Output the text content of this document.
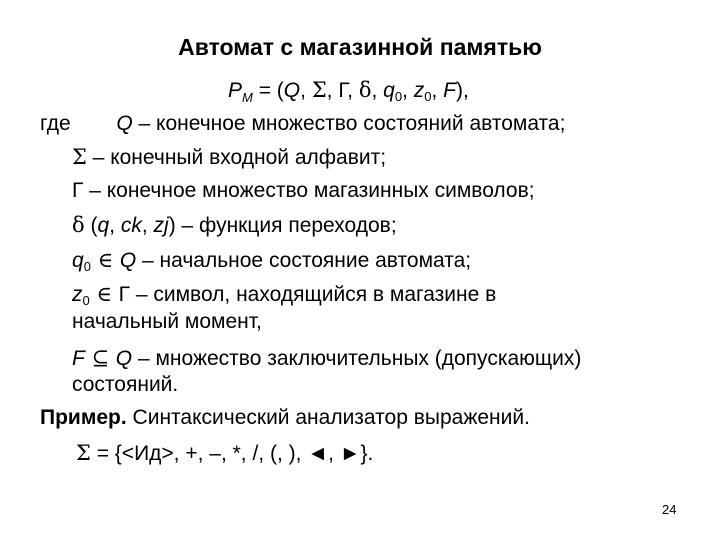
Автомат с магазинной памятью
$P_M = (Q$, Σ, Г, δ, $q_0$, $z_0$, F),
где Q – конечное множество состояний автомата;
Σ – конечный входной алфавит;
Г – конечное множество магазинных символов;
δ (q, ck, zj) – функция переходов;
$q_0$ ∈ Q – начальное состояние автомата;
$z_0$ ∈ Г – символ, находящийся в магазине в
начальный момент,
F ⊆ Q – множество заключительных (допускающих)
состояний.
Пример. Синтаксический анализатор выражений.
Σ = {<Ид>, +, –, *, /, (, ), ◄, ►}.
24
